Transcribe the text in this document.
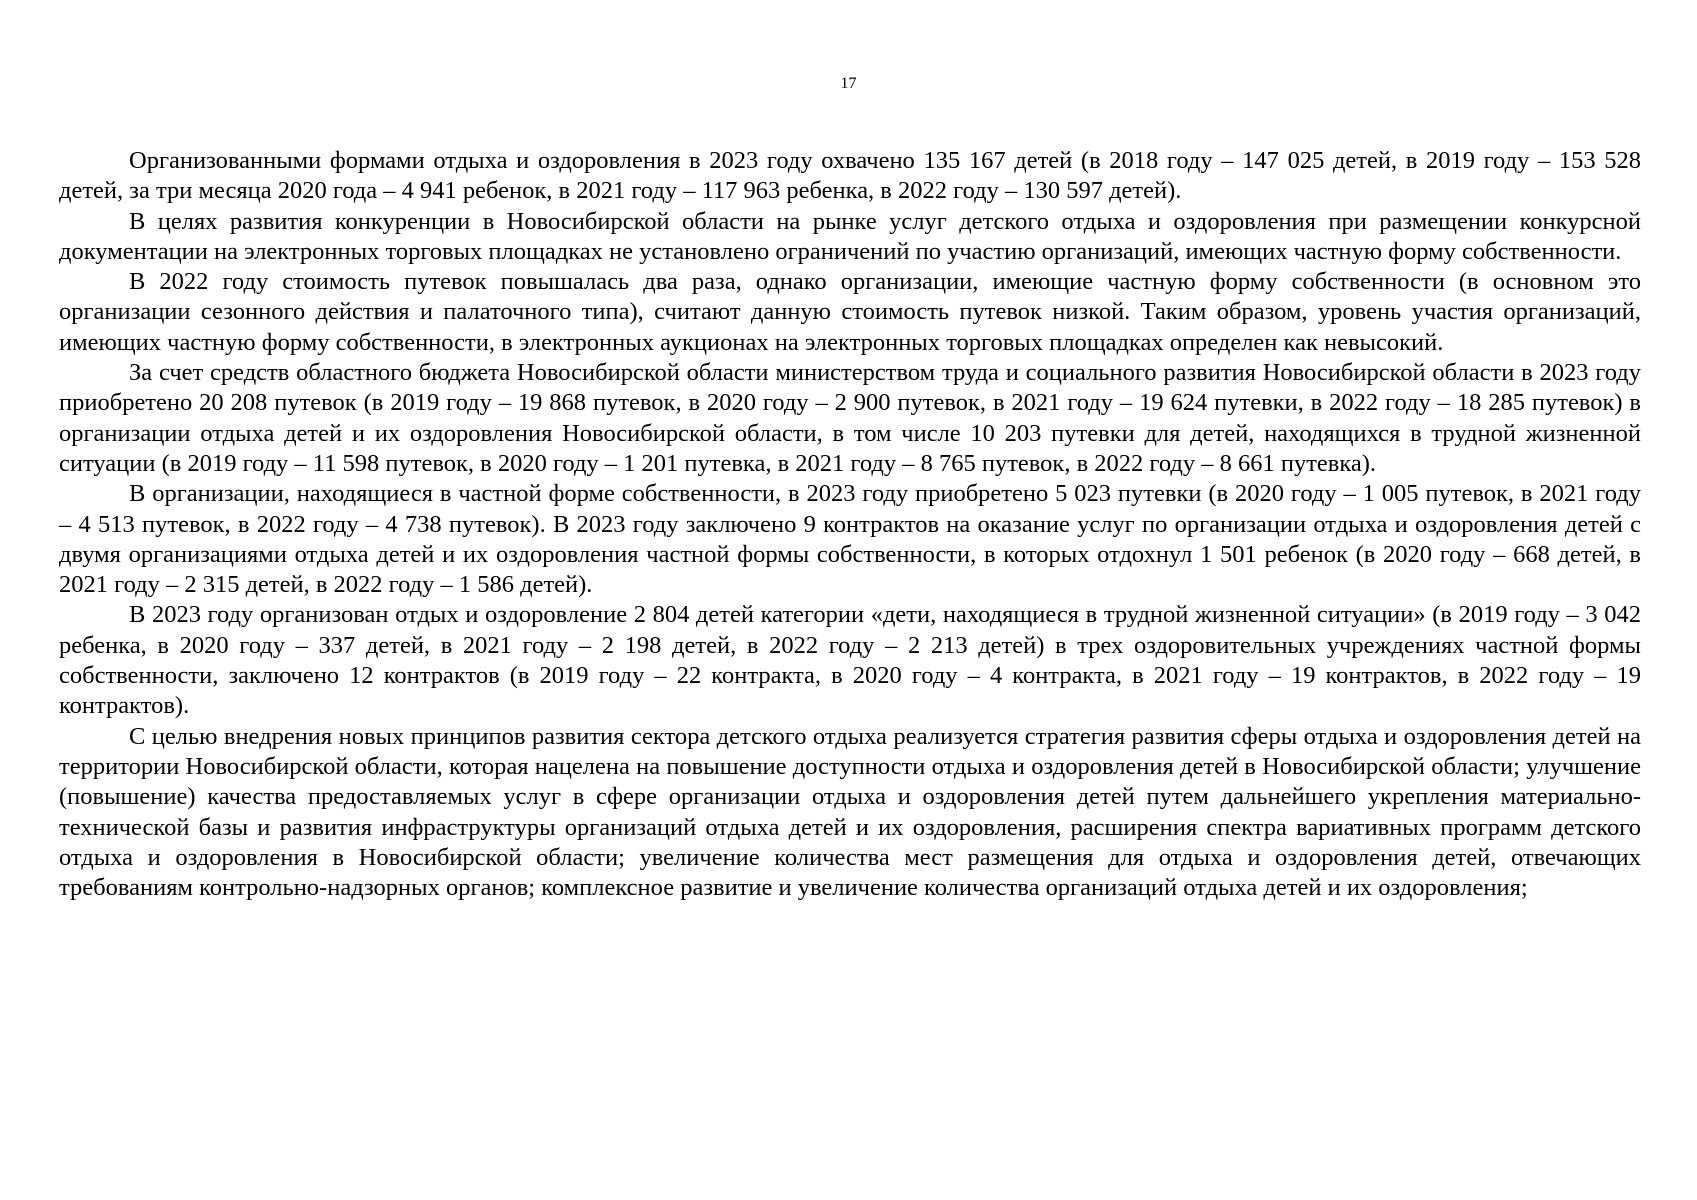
17

Организованными формами отдыха и оздоровления в 2023 году охвачено 135 167 детей (в 2018 году – 147 025 детей, в 2019 году – 153 528 детей, за три месяца 2020 года – 4 941 ребенок, в 2021 году – 117 963 ребенка, в 2022 году – 130 597 детей).

В целях развития конкуренции в Новосибирской области на рынке услуг детского отдыха и оздоровления при размещении конкурсной документации на электронных торговых площадках не установлено ограничений по участию организаций, имеющих частную форму собственности.

В 2022 году стоимость путевок повышалась два раза, однако организации, имеющие частную форму собственности (в основном это организации сезонного действия и палаточного типа), считают данную стоимость путевок низкой. Таким образом, уровень участия организаций, имеющих частную форму собственности, в электронных аукционах на электронных торговых площадках определен как невысокий.

За счет средств областного бюджета Новосибирской области министерством труда и социального развития Новосибирской области в 2023 году приобретено 20 208 путевок (в 2019 году – 19 868 путевок, в 2020 году – 2 900 путевок, в 2021 году – 19 624 путевки, в 2022 году – 18 285 путевок) в организации отдыха детей и их оздоровления Новосибирской области, в том числе 10 203 путевки для детей, находящихся в трудной жизненной ситуации (в 2019 году – 11 598 путевок, в 2020 году – 1 201 путевка, в 2021 году – 8 765 путевок, в 2022 году – 8 661 путевка).

В организации, находящиеся в частной форме собственности, в 2023 году приобретено 5 023 путевки (в 2020 году – 1 005 путевок, в 2021 году – 4 513 путевок, в 2022 году – 4 738 путевок). В 2023 году заключено 9 контрактов на оказание услуг по организации отдыха и оздоровления детей с двумя организациями отдыха детей и их оздоровления частной формы собственности, в которых отдохнул 1 501 ребенок (в 2020 году – 668 детей, в 2021 году – 2 315 детей, в 2022 году – 1 586 детей).

В 2023 году организован отдых и оздоровление 2 804 детей категории «дети, находящиеся в трудной жизненной ситуации» (в 2019 году – 3 042 ребенка, в 2020 году – 337 детей, в 2021 году – 2 198 детей, в 2022 году – 2 213 детей) в трех оздоровительных учреждениях частной формы собственности, заключено 12 контрактов (в 2019 году – 22 контракта, в 2020 году – 4 контракта, в 2021 году – 19 контрактов, в 2022 году – 19 контрактов).

С целью внедрения новых принципов развития сектора детского отдыха реализуется стратегия развития сферы отдыха и оздоровления детей на территории Новосибирской области, которая нацелена на повышение доступности отдыха и оздоровления детей в Новосибирской области; улучшение (повышение) качества предоставляемых услуг в сфере организации отдыха и оздоровления детей путем дальнейшего укрепления материально-технической базы и развития инфраструктуры организаций отдыха детей и их оздоровления, расширения спектра вариативных программ детского отдыха и оздоровления в Новосибирской области; увеличение количества мест размещения для отдыха и оздоровления детей, отвечающих требованиям контрольно-надзорных органов; комплексное развитие и увеличение количества организаций отдыха детей и их оздоровления;
